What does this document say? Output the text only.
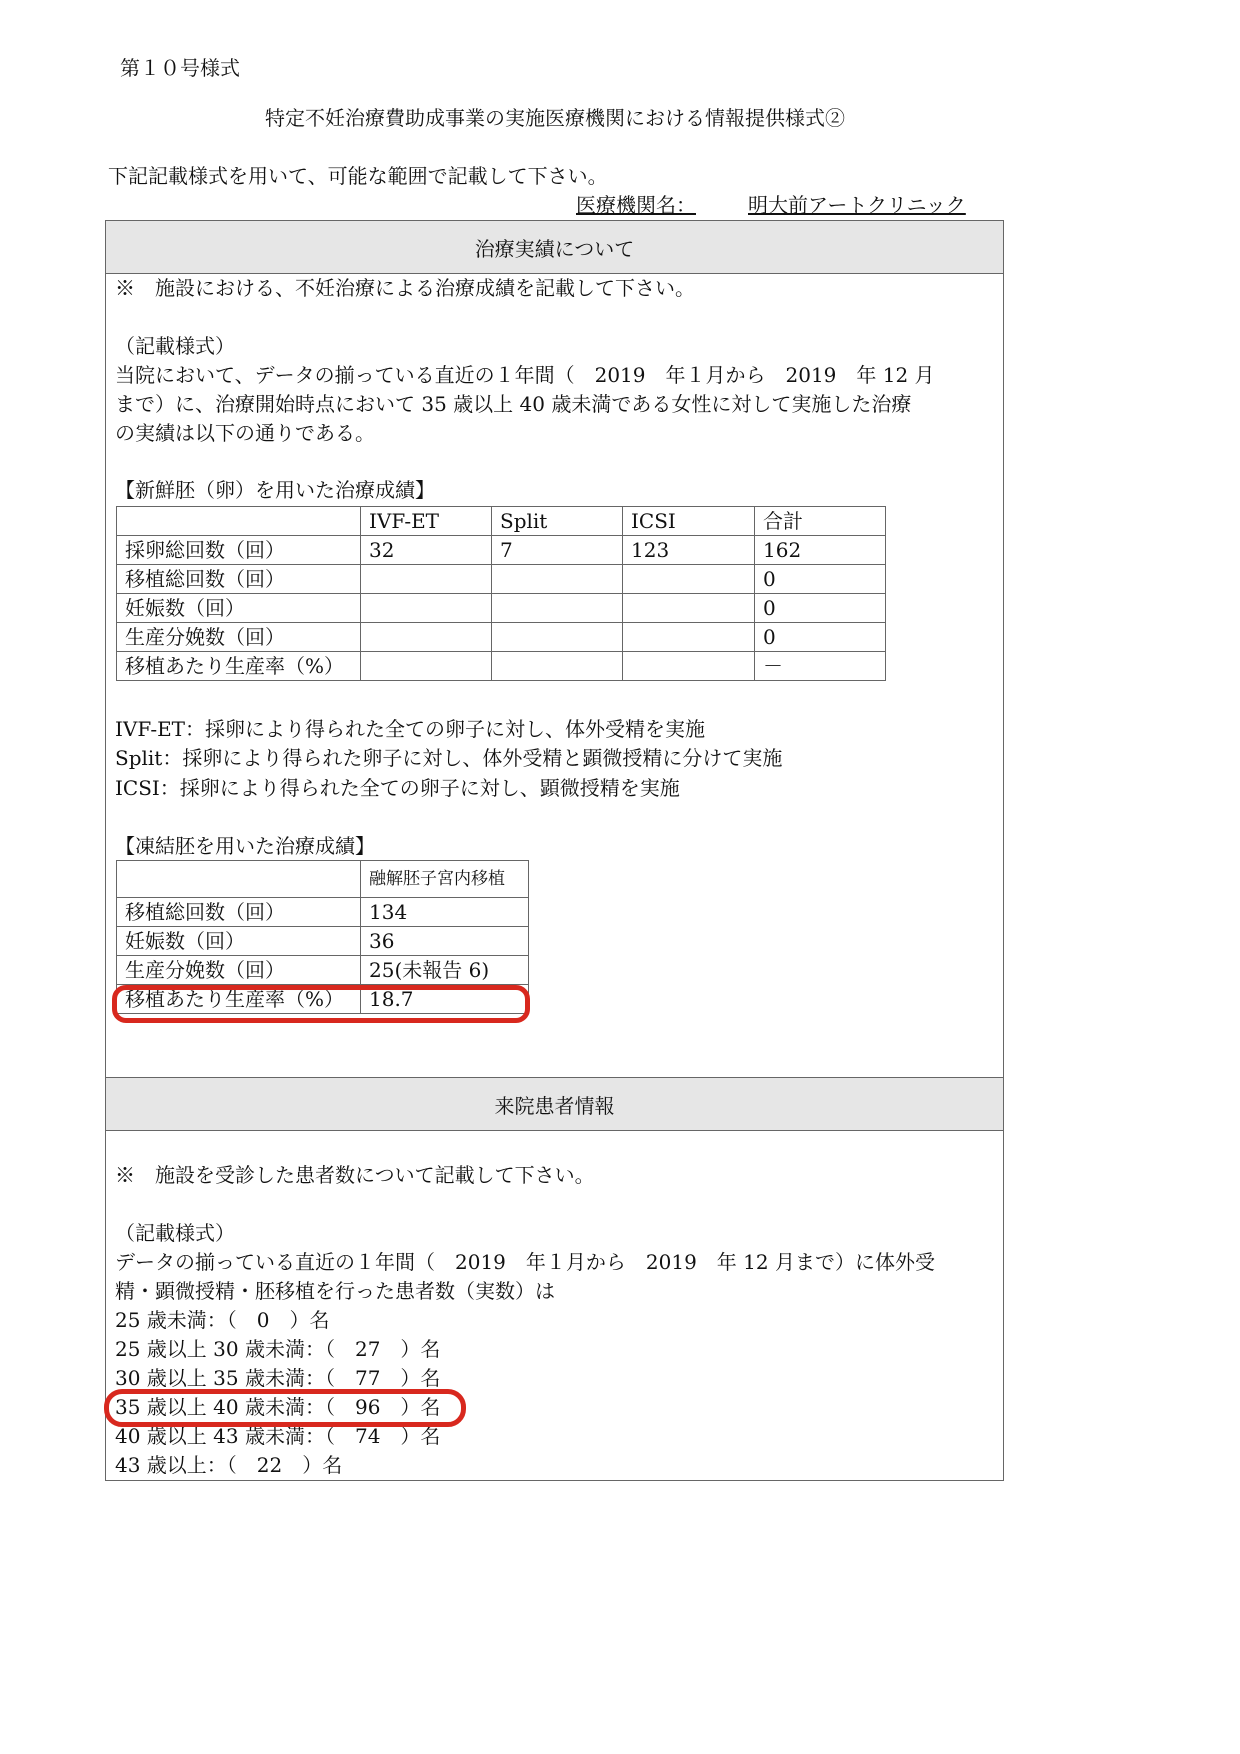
第１０号様式
特定不妊治療費助成事業の実施医療機関における情報提供様式②
下記記載様式を用いて、可能な範囲で記載して下さい。
医療機関名：	明大前アートクリニック
治療実績について
来院患者情報
※　施設における、不妊治療による治療成績を記載して下さい。
（記載様式）
当院において、データの揃っている直近の１年間（　2019　年１月から　2019　年 12 月
まで）に、治療開始時点において 35 歳以上 40 歳未満である女性に対して実施した治療
の実績は以下の通りである。
【新鮮胚（卵）を用いた治療成績】
	IVF-ET	Split	ICSI	合計
採卵総回数（回）	32	7	123	162
移植総回数（回）				0
妊娠数（回）				0
生産分娩数（回）				0
移植あたり生産率（%）				－
IVF-ET：採卵により得られた全ての卵子に対し、体外受精を実施
Split：採卵により得られた卵子に対し、体外受精と顕微授精に分けて実施
ICSI：採卵により得られた全ての卵子に対し、顕微授精を実施
【凍結胚を用いた治療成績】
	融解胚子宮内移植
移植総回数（回）	134
妊娠数（回）	36
生産分娩数（回）	25(未報告 6)
移植あたり生産率（%）	18.7
※　施設を受診した患者数について記載して下さい。
（記載様式）
データの揃っている直近の１年間（　2019　年１月から　2019　年 12 月まで）に体外受
精・顕微授精・胚移植を行った患者数（実数）は
25 歳未満：（　0　）名
25 歳以上 30 歳未満：（　27　）名
30 歳以上 35 歳未満：（　77　）名
35 歳以上 40 歳未満：（　96　）名
40 歳以上 43 歳未満：（　74　）名
43 歳以上：（　22　）名
